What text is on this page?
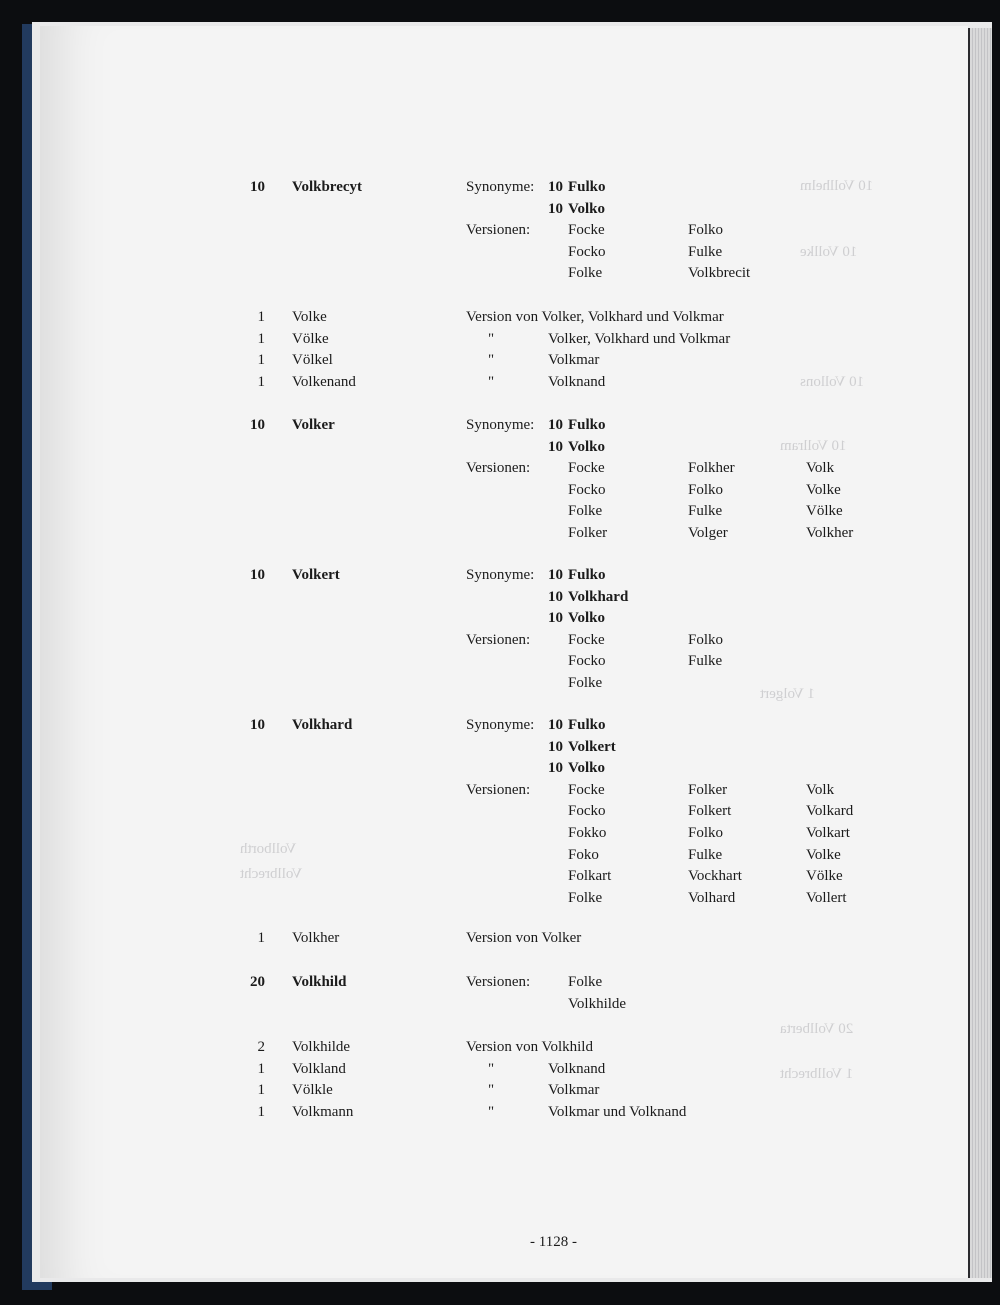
10 Vollhelm
10 Vollke
10 Vollons
10 Vollram
1 Volgert
Vollborth
Vollbrecht
20 Vollberta
1 Vollbrecht
10 Volkbrecyt	Synonyme: 10 Fulko
10 Volko
Versionen:	Focke	Folko
Focko	Fulke
Folke	Volkbrecit
1 Volke	Version von Volker, Volkhard und Volkmar
1 Völke	"	Volker, Volkhard und Volkmar
1 Völkel	"	Volkmar
1 Volkenand	"	Volknand
10 Volker	Synonyme: 10 Fulko
10 Volko
Versionen:	Focke	Folkher	Volk
Focko	Folko	Volke
Folke	Fulke	Völke
Folker	Volger	Volkher
10 Volkert	Synonyme: 10 Fulko
10 Volkhard
10 Volko
Versionen:	Focke	Folko
Focko	Fulke
Folke
10 Volkhard	Synonyme: 10 Fulko
10 Volkert
10 Volko
Versionen:	Focke	Folker	Volk
Focko	Folkert	Volkard
Fokko	Folko	Volkart
Foko	Fulke	Volke
Folkart	Vockhart	Völke
Folke	Volhard	Vollert
1 Volkher	Version von Volker
20 Volkhild	Versionen:	Folke
Volkhilde
2 Volkhilde	Version von Volkhild
1 Volkland	"	Volknand
1 Völkle	"	Volkmar
1 Volkmann	"	Volkmar und Volknand
- 1128 -
